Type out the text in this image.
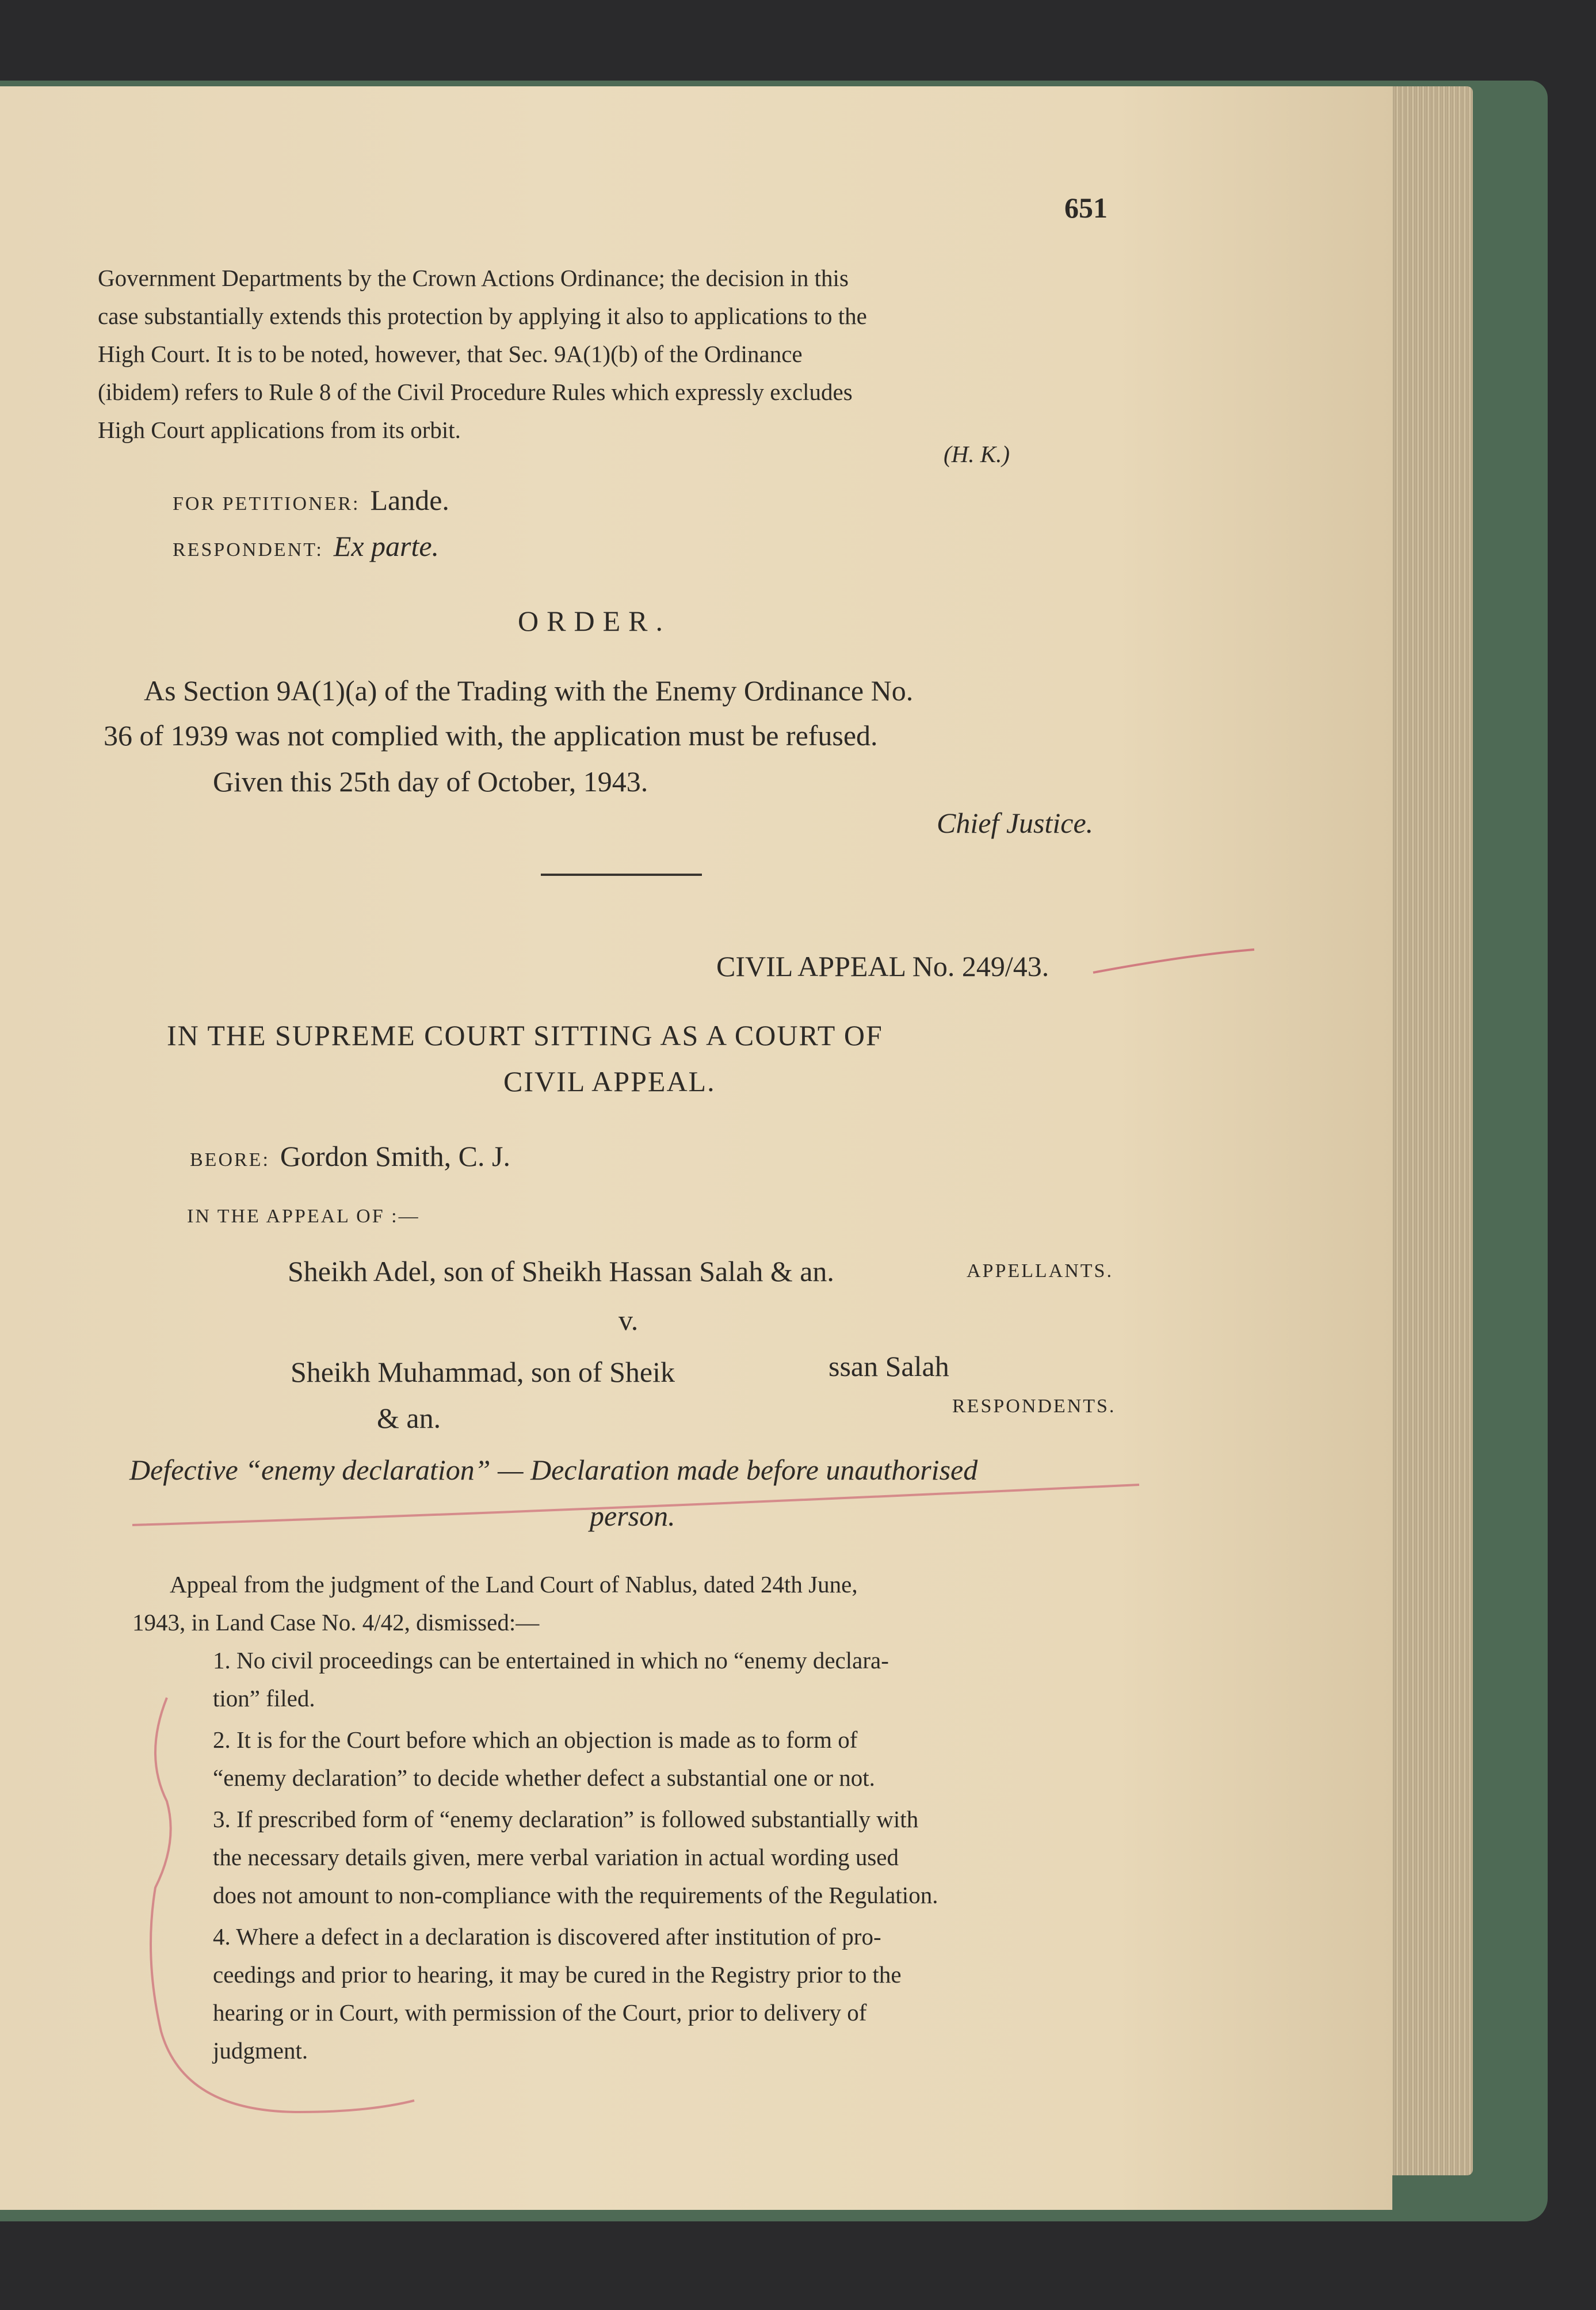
651
Government Departments by the Crown Actions Ordinance; the decision in this
case substantially extends this protection by applying it also to applications to the
High Court. It is to be noted, however, that Sec. 9A(1)(b) of the Ordinance
(ibidem) refers to Rule 8 of the Civil Procedure Rules which expressly excludes
High Court applications from its orbit.
(H. K.)
FOR PETITIONER: Lande.
RESPONDENT: Ex parte.
ORDER.
As Section 9A(1)(a) of the Trading with the Enemy Ordinance No.
36 of 1939 was not complied with, the application must be refused.
Given this 25th day of October, 1943.
Chief Justice.
CIVIL APPEAL No. 249/43.
IN THE SUPREME COURT SITTING AS A COURT OF
CIVIL APPEAL.
BEORE: Gordon Smith, C. J.
IN THE APPEAL OF :—
Sheikh Adel, son of Sheikh Hassan Salah & an.	APPELLANTS.
v.
Sheikh Muhammad, son of Sheik	ssan Salah
& an.	RESPONDENTS.
Defective “enemy declaration” — Declaration made before unauthorised
person.
Appeal from the judgment of the Land Court of Nablus, dated 24th June,
1943, in Land Case No. 4/42, dismissed:—
1. No civil proceedings can be entertained in which no “enemy declara-
tion” filed.
2. It is for the Court before which an objection is made as to form of
“enemy declaration” to decide whether defect a substantial one or not.
3. If prescribed form of “enemy declaration” is followed substantially with
the necessary details given, mere verbal variation in actual wording used
does not amount to non-compliance with the requirements of the Regulation.
4. Where a defect in a declaration is discovered after institution of pro-
ceedings and prior to hearing, it may be cured in the Registry prior to the
hearing or in Court, with permission of the Court, prior to delivery of
judgment.
